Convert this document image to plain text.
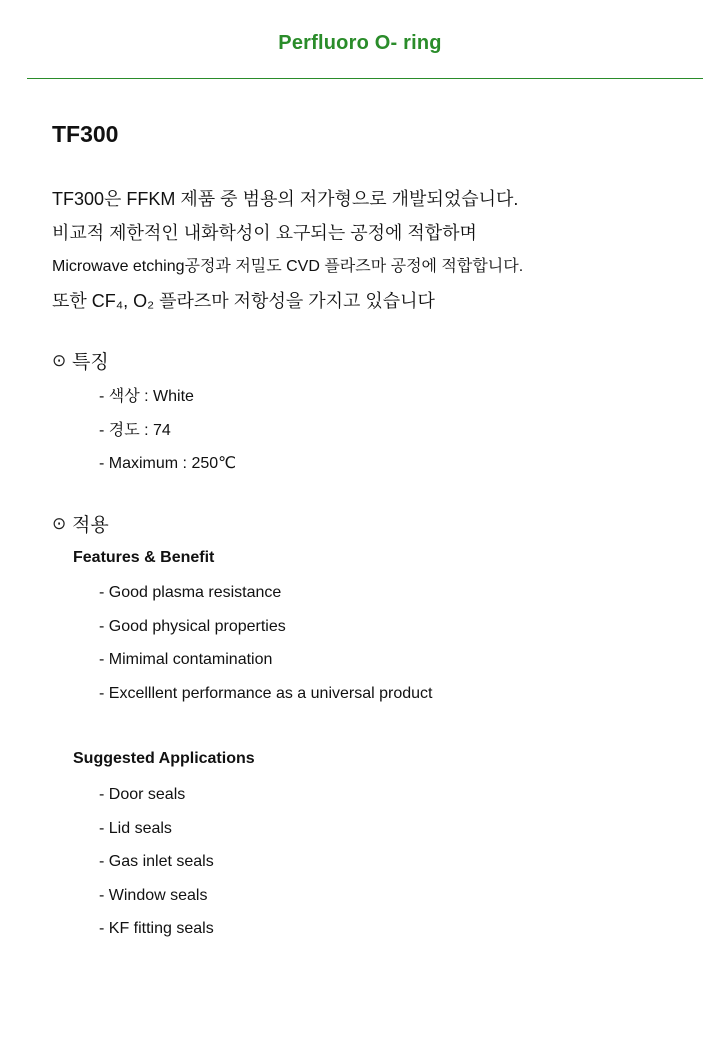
Perfluoro O- ring
TF300
TF300은 FFKM 제품 중 범용의 저가형으로 개발되었습니다.
비교적 제한적인 내화학성이 요구되는 공정에 적합하며
Microwave etching공정과 저밀도 CVD 플라즈마 공정에 적합합니다.
또한 CF₄, O₂ 플라즈마 저항성을 가지고 있습니다
⊙ 특징
- 색상 : White
- 경도 : 74
- Maximum : 250℃
⊙ 적용
Features & Benefit
- Good plasma resistance
- Good physical properties
- Mimimal contamination
- Excelllent performance as a universal product
Suggested Applications
- Door seals
- Lid seals
- Gas inlet seals
- Window seals
- KF fitting seals
